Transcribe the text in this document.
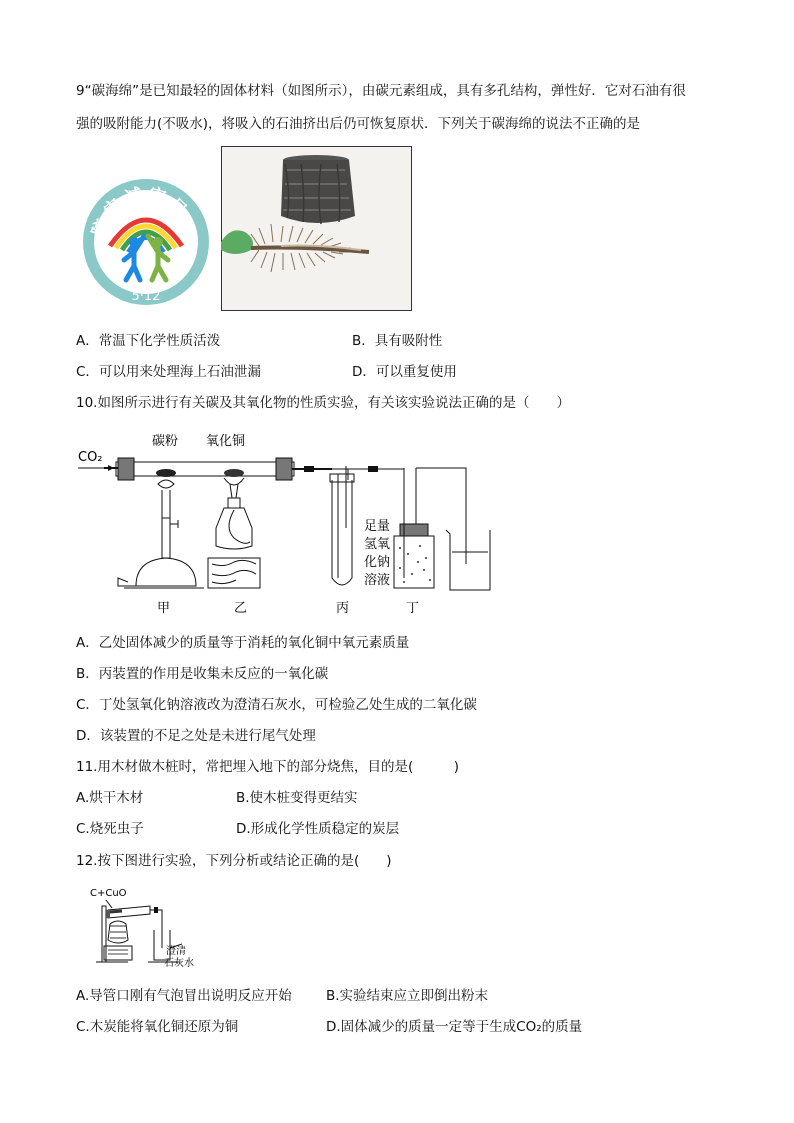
9“碳海绵”是已知最轻的固体材料（如图所示），由碳元素组成，具有多孔结构，弹性好．它对石油有很
强的吸附能力(不吸水)，将吸入的石油挤出后仍可恢复原状．下列关于碳海绵的说法不正确的是
防灾减灾日
5·12
A．常温下化学性质活泼	B．具有吸附性
C．可以用来处理海上石油泄漏	D．可以重复使用
10.如图所示进行有关碳及其氧化物的性质实验，有关该实验说法正确的是（　　）
CO₂
碳粉 氧化铜
足量
氢氧
化钠
溶液
甲	乙	丙	丁
A．乙处固体减少的质量等于消耗的氧化铜中氧元素质量
B．丙装置的作用是收集未反应的一氧化碳
C．丁处氢氧化钠溶液改为澄清石灰水，可检验乙处生成的二氧化碳
D．该装置的不足之处是未进行尾气处理
11.用木材做木桩时，常把埋入地下的部分烧焦，目的是(　　　)
A.烘干木材	B.使木桩变得更结实
C.烧死虫子	D.形成化学性质稳定的炭层
12.按下图进行实验，下列分析或结论正确的是(　　)
C+CuO
澄清
石灰水
A.导管口刚有气泡冒出说明反应开始	B.实验结束应立即倒出粉末
C.木炭能将氧化铜还原为铜	D.固体减少的质量一定等于生成CO₂的质量
